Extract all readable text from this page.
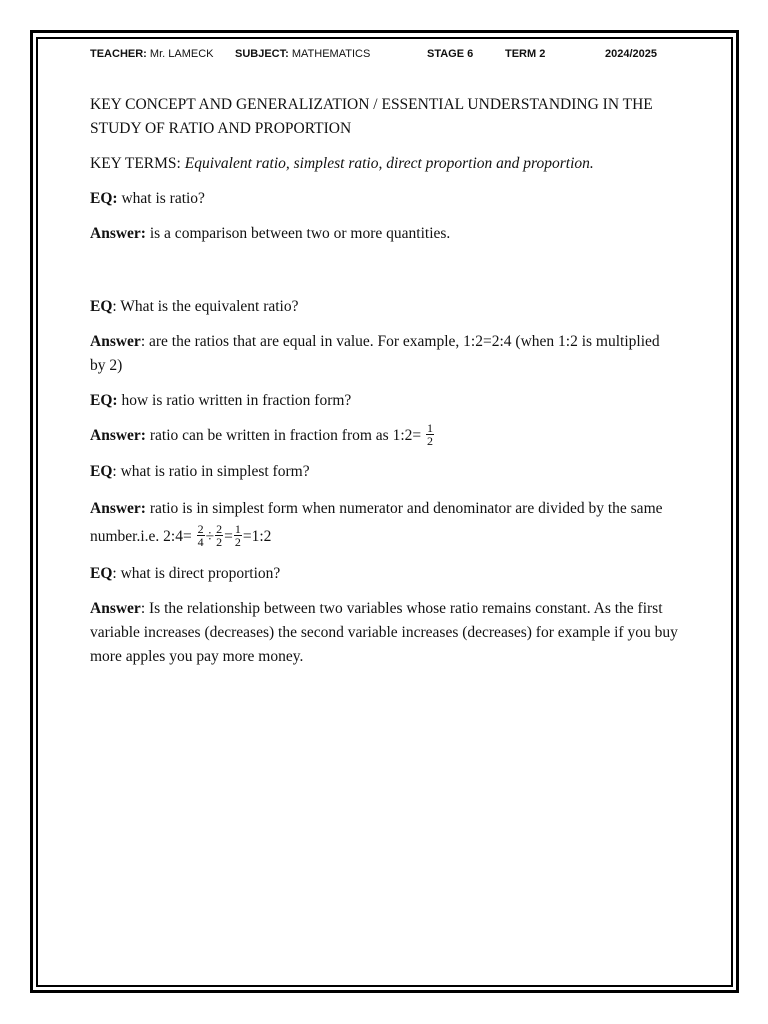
TEACHER: Mr. LAMECK SUBJECT: MATHEMATICS	STAGE 6	TERM 2	2024/2025

KEY CONCEPT AND GENERALIZATION / ESSENTIAL UNDERSTANDING IN THE STUDY OF RATIO AND PROPORTION

KEY TERMS: Equivalent ratio, simplest ratio, direct proportion and proportion.

EQ: what is ratio?

Answer: is a comparison between two or more quantities.

EQ: What is the equivalent ratio?

Answer: are the ratios that are equal in value. For example, 1:2=2:4 (when 1:2 is multiplied by 2)

EQ: how is ratio written in fraction form?

Answer: ratio can be written in fraction from as 1:2= $\frac{1}{2}$

EQ: what is ratio in simplest form?

Answer: ratio is in simplest form when numerator and denominator are divided by the same number.i.e. 2:4= $\frac{2}{4} \div \frac{2}{2} = \frac{1}{2}$ =1:2

EQ: what is direct proportion?

Answer: Is the relationship between two variables whose ratio remains constant. As the first variable increases (decreases) the second variable increases (decreases) for example if you buy more apples you pay more money.
